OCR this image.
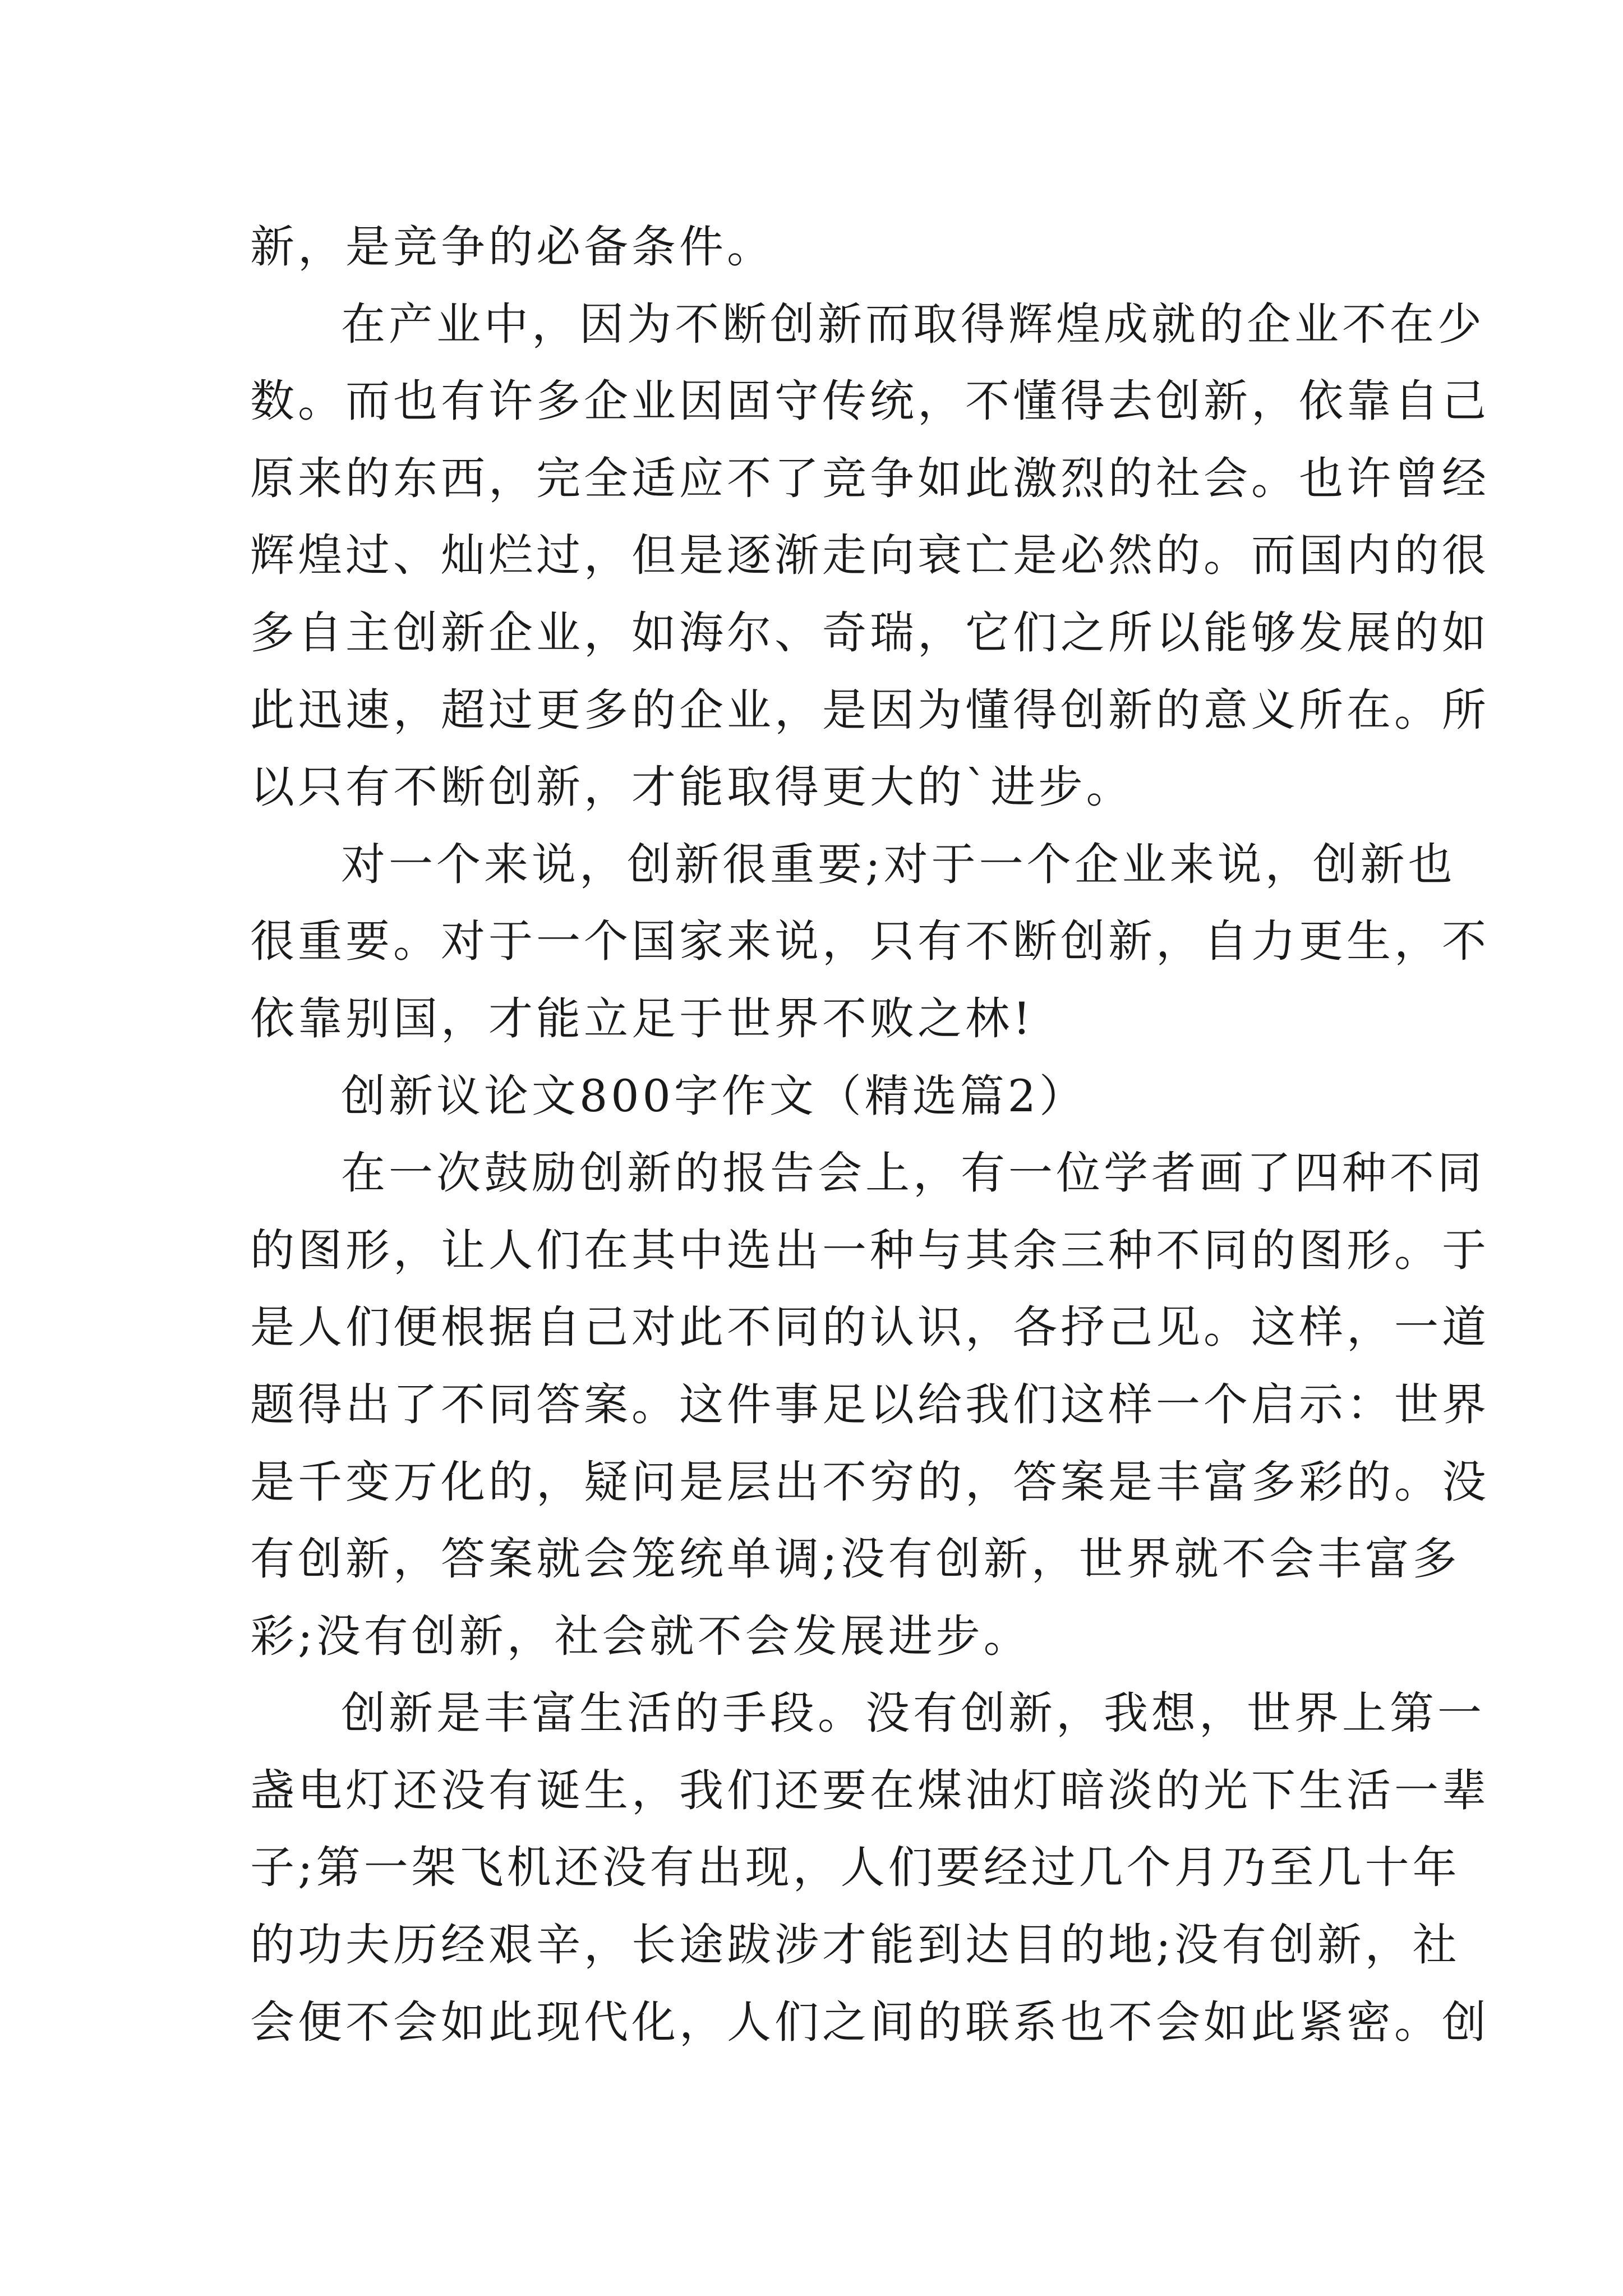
新，是竞争的必备条件。
在产业中，因为不断创新而取得辉煌成就的企业不在少
数。而也有许多企业因固守传统，不懂得去创新，依靠自己
原来的东西，完全适应不了竞争如此激烈的社会。也许曾经
辉煌过、灿烂过，但是逐渐走向衰亡是必然的。而国内的很
多自主创新企业，如海尔、奇瑞，它们之所以能够发展的如
此迅速，超过更多的企业，是因为懂得创新的意义所在。所
以只有不断创新，才能取得更大的`进步。
对一个来说，创新很重要;对于一个企业来说，创新也
很重要。对于一个国家来说，只有不断创新，自力更生，不
依靠别国，才能立足于世界不败之林!
创新议论文800字作文（精选篇2）
在一次鼓励创新的报告会上，有一位学者画了四种不同
的图形，让人们在其中选出一种与其余三种不同的图形。于
是人们便根据自己对此不同的认识，各抒己见。这样，一道
题得出了不同答案。这件事足以给我们这样一个启示：世界
是千变万化的，疑问是层出不穷的，答案是丰富多彩的。没
有创新，答案就会笼统单调;没有创新，世界就不会丰富多
彩;没有创新，社会就不会发展进步。
创新是丰富生活的手段。没有创新，我想，世界上第一
盏电灯还没有诞生，我们还要在煤油灯暗淡的光下生活一辈
子;第一架飞机还没有出现，人们要经过几个月乃至几十年
的功夫历经艰辛，长途跋涉才能到达目的地;没有创新，社
会便不会如此现代化，人们之间的联系也不会如此紧密。创
